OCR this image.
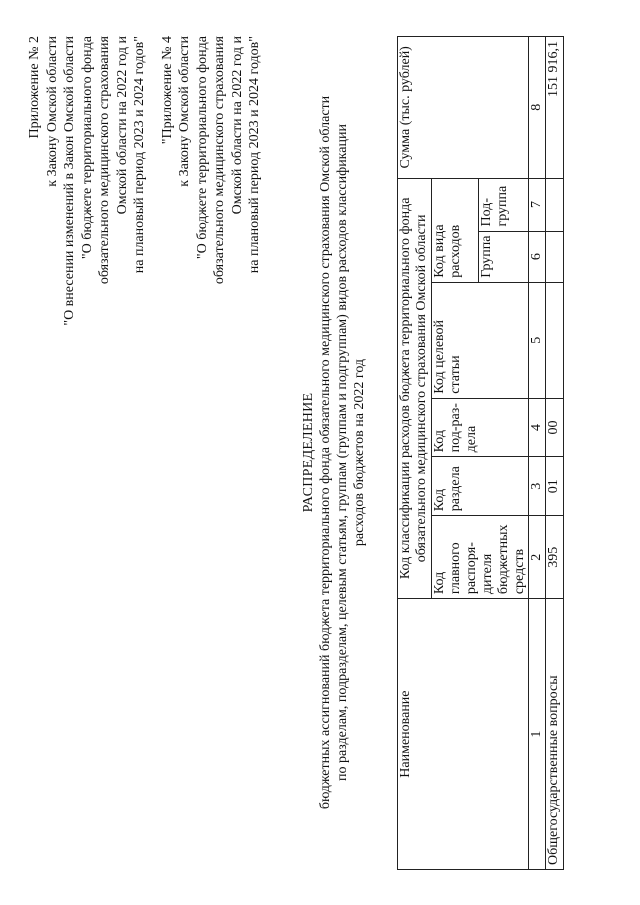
Приложение № 2 к Закону Омской области "О внесении изменений в Закон Омской области "О бюджете территориального фонда обязательного медицинского страхования Омской области на 2022 год и на плановый период 2023 и 2024 годов" "Приложение № 4 к Закону Омской области "О бюджете территориального фонда обязательного медицинского страхования Омской области на 2022 год и на плановый период 2023 и 2024 годов"
РАСПРЕДЕЛЕНИЕ бюджетных ассигнований бюджета территориального фонда обязательного медицинского страхования Омской области по разделам, подразделам, целевым статьям, группам (группам и подгруппам) видов расходов классификации расходов бюджетов на 2022 год
Наименование	Код классификации расходов бюджета территориального фонда обязательного медицинского страхования Омской области						Сумма (тыс. рублей)
	Код главного распоря-дителя бюджетных средств	Код раздела	Код под-раз-дела	Код целевой статьи	Код вида расходов		
					Группа	Под-группа	
1	2	3	4	5	6	7	8
Общегосударственные вопросы	395	01	00				151 916,1
